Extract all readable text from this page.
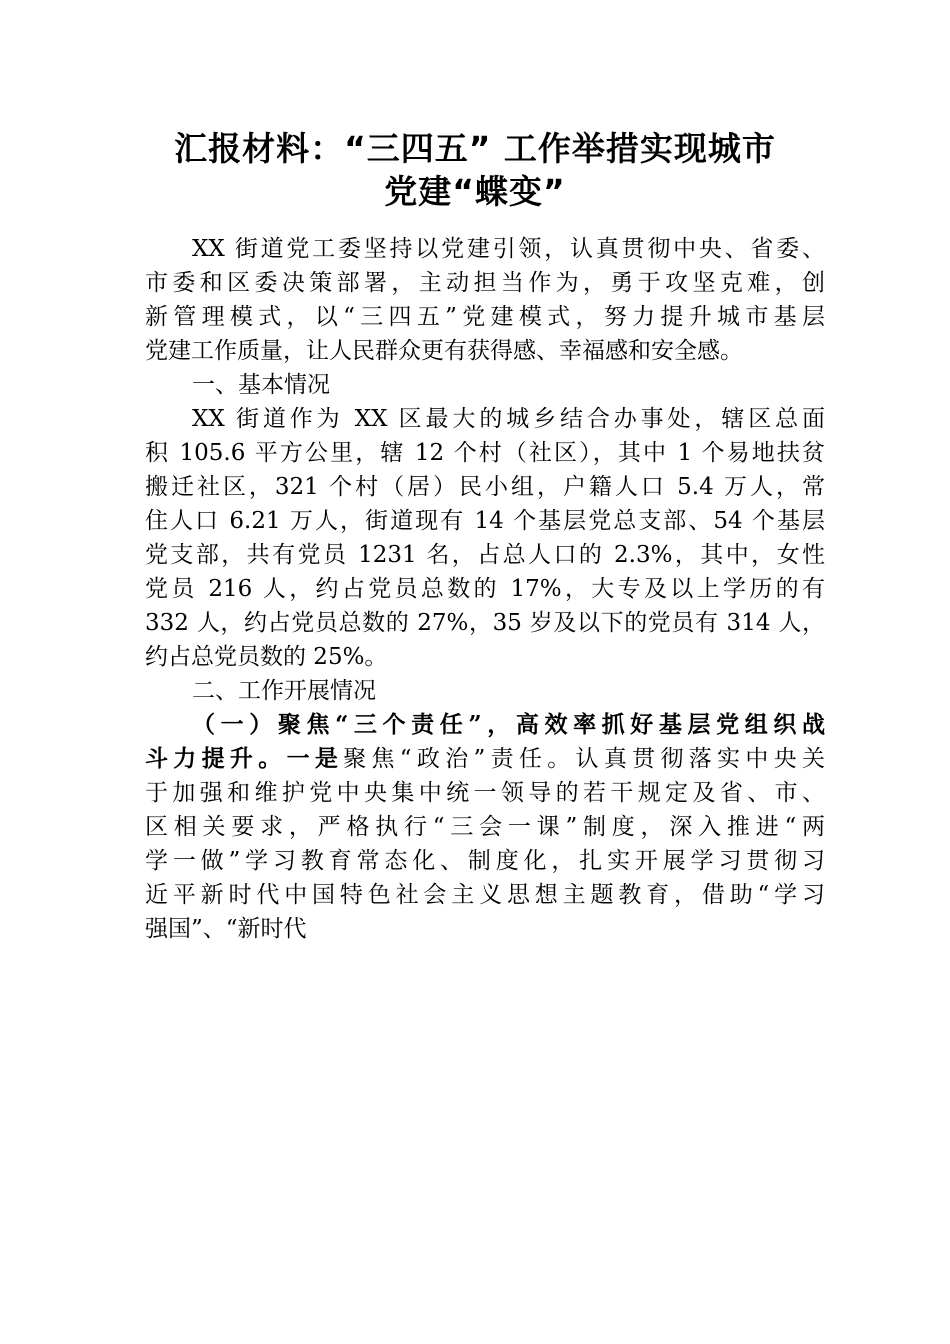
汇报材料：“三四五” 工作举措实现城市
党建“蝶变”
XX 街道党工委坚持以党建引领，认真贯彻中央、省委、
市委和区委决策部署，主动担当作为，勇于攻坚克难，创
新管理模式，以“三四五”党建模式，努力提升城市基层
党建工作质量，让人民群众更有获得感、幸福感和安全感。
一、基本情况
XX 街道作为 XX 区最大的城乡结合办事处，辖区总面
积 105.6 平方公里，辖 12 个村（社区），其中 1 个易地扶贫
搬迁社区，321 个村（居）民小组，户籍人口 5.4 万人，常
住人口 6.21 万人，街道现有 14 个基层党总支部、54 个基层
党支部，共有党员 1231 名，占总人口的 2.3%，其中，女性
党员 216 人，约占党员总数的 17%，大专及以上学历的有
332 人，约占党员总数的 27%，35 岁及以下的党员有 314 人，
约占总党员数的 25%。
二、工作开展情况
（一）聚焦“三个责任”，高效率抓好基层党组织战
斗力提升。一是聚焦“政治”责任。认真贯彻落实中央关
于加强和维护党中央集中统一领导的若干规定及省、市、
区相关要求，严格执行“三会一课”制度，深入推进“两
学一做”学习教育常态化、制度化，扎实开展学习贯彻习
近平新时代中国特色社会主义思想主题教育，借助“学习
强国”、“新时代
